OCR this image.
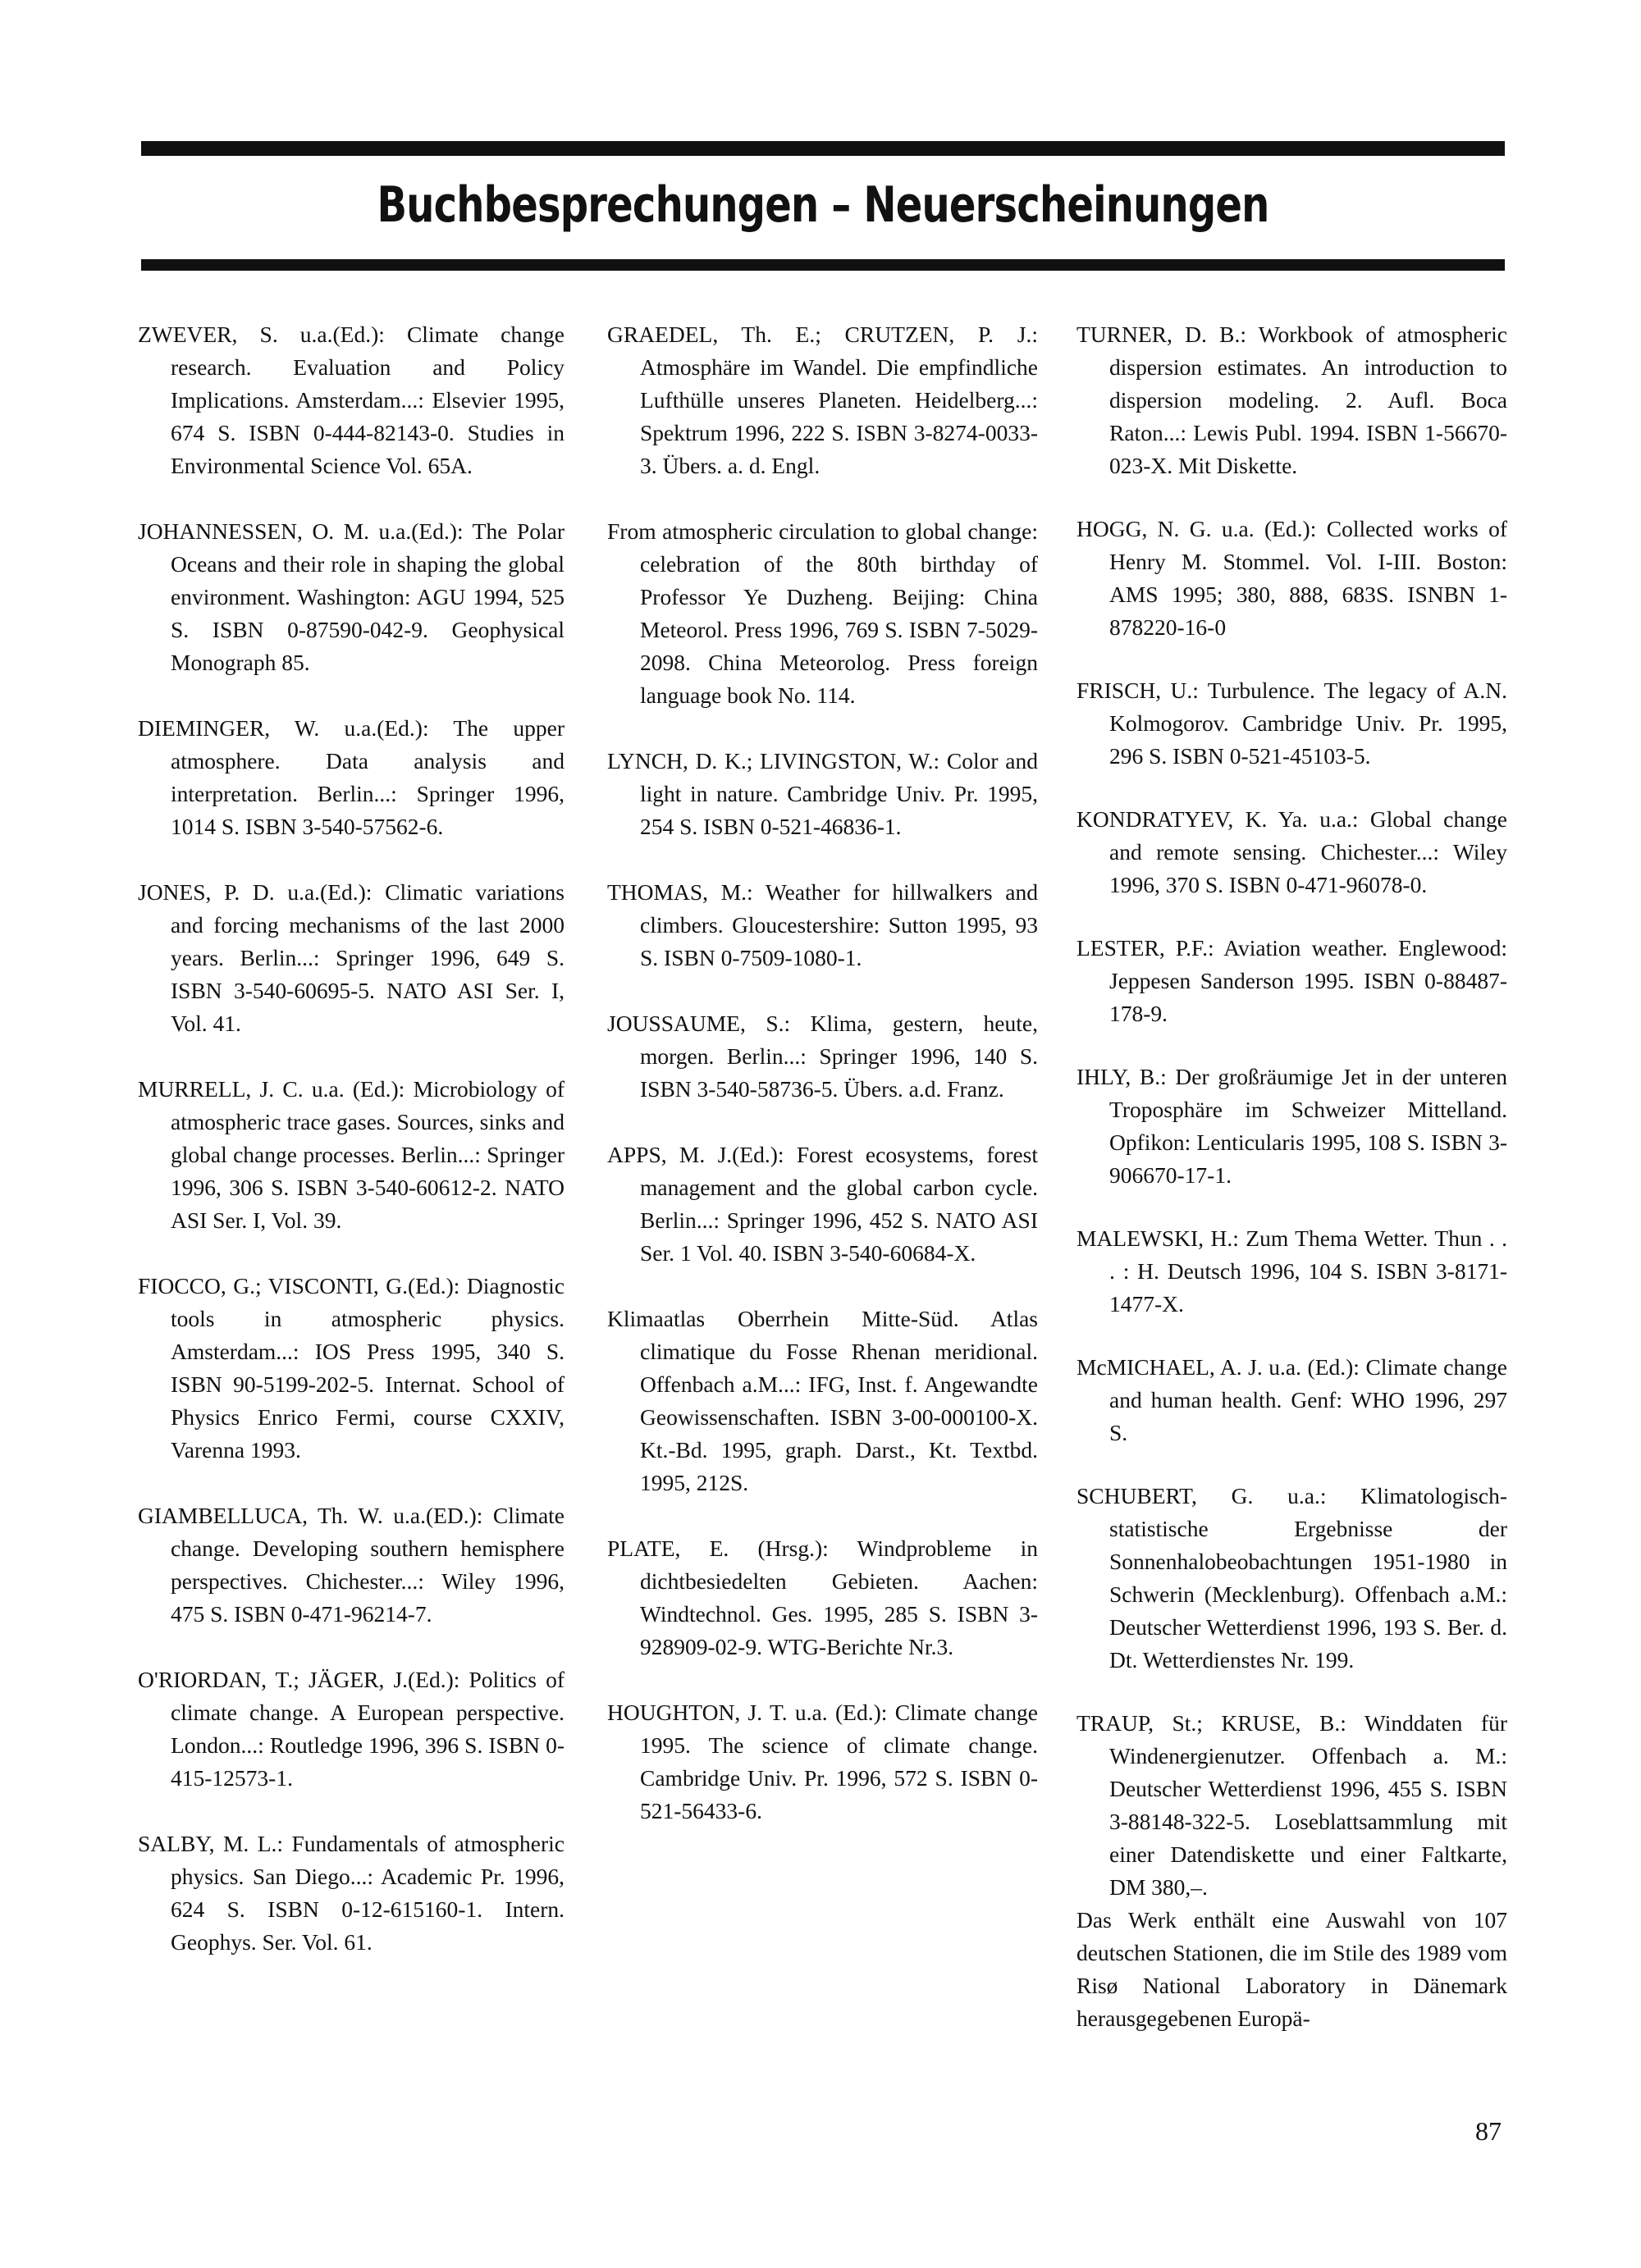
Buchbesprechungen – Neuerscheinungen

ZWEVER, S. u.a.(Ed.): Climate change research. Evaluation and Policy Implications. Amsterdam...: Elsevier 1995, 674 S. ISBN 0-444-82143-0. Studies in Environmental Science Vol. 65A.

JOHANNESSEN, O. M. u.a.(Ed.): The Polar Oceans and their role in shaping the global environment. Washington: AGU 1994, 525 S. ISBN 0-87590-042-9. Geophysical Monograph 85.

DIEMINGER, W. u.a.(Ed.): The upper atmosphere. Data analysis and interpretation. Berlin...: Springer 1996, 1014 S. ISBN 3-540-57562-6.

JONES, P. D. u.a.(Ed.): Climatic variations and forcing mechanisms of the last 2000 years. Berlin...: Springer 1996, 649 S. ISBN 3-540-60695-5. NATO ASI Ser. I, Vol. 41.

MURRELL, J. C. u.a. (Ed.): Microbiology of atmospheric trace gases. Sources, sinks and global change processes. Berlin...: Springer 1996, 306 S. ISBN 3-540-60612-2. NATO ASI Ser. I, Vol. 39.

FIOCCO, G.; VISCONTI, G.(Ed.): Diagnostic tools in atmospheric physics. Amsterdam...: IOS Press 1995, 340 S. ISBN 90-5199-202-5. Internat. School of Physics Enrico Fermi, course CXXIV, Varenna 1993.

GIAMBELLUCA, Th. W. u.a.(ED.): Climate change. Developing southern hemisphere perspectives. Chichester...: Wiley 1996, 475 S. ISBN 0-471-96214-7.

O'RIORDAN, T.; JÄGER, J.(Ed.): Politics of climate change. A European perspective. London...: Routledge 1996, 396 S. ISBN 0-415-12573-1.

SALBY, M. L.: Fundamentals of atmospheric physics. San Diego...: Academic Pr. 1996, 624 S. ISBN 0-12-615160-1. Intern. Geophys. Ser. Vol. 61.

GRAEDEL, Th. E.; CRUTZEN, P. J.: Atmosphäre im Wandel. Die empfindliche Lufthülle unseres Planeten. Heidelberg...: Spektrum 1996, 222 S. ISBN 3-8274-0033-3. Übers. a. d. Engl.

From atmospheric circulation to global change: celebration of the 80th birthday of Professor Ye Duzheng. Beijing: China Meteorol. Press 1996, 769 S. ISBN 7-5029-2098. China Meteorolog. Press foreign language book No. 114.

LYNCH, D. K.; LIVINGSTON, W.: Color and light in nature. Cambridge Univ. Pr. 1995, 254 S. ISBN 0-521-46836-1.

THOMAS, M.: Weather for hillwalkers and climbers. Gloucestershire: Sutton 1995, 93 S. ISBN 0-7509-1080-1.

JOUSSAUME, S.: Klima, gestern, heute, morgen. Berlin...: Springer 1996, 140 S. ISBN 3-540-58736-5. Übers. a.d. Franz.

APPS, M. J.(Ed.): Forest ecosystems, forest management and the global carbon cycle. Berlin...: Springer 1996, 452 S. NATO ASI Ser. 1 Vol. 40. ISBN 3-540-60684-X.

Klimaatlas Oberrhein Mitte-Süd. Atlas climatique du Fosse Rhenan meridional. Offenbach a.M...: IFG, Inst. f. Angewandte Geowissenschaften. ISBN 3-00-000100-X. Kt.-Bd. 1995, graph. Darst., Kt. Textbd. 1995, 212S.

PLATE, E. (Hrsg.): Windprobleme in dichtbesiedelten Gebieten. Aachen: Windtechnol. Ges. 1995, 285 S. ISBN 3-928909-02-9. WTG-Berichte Nr.3.

HOUGHTON, J. T. u.a. (Ed.): Climate change 1995. The science of climate change. Cambridge Univ. Pr. 1996, 572 S. ISBN 0-521-56433-6.

TURNER, D. B.: Workbook of atmospheric dispersion estimates. An introduction to dispersion modeling. 2. Aufl. Boca Raton...: Lewis Publ. 1994. ISBN 1-56670-023-X. Mit Diskette.

HOGG, N. G. u.a. (Ed.): Collected works of Henry M. Stommel. Vol. I-III. Boston: AMS 1995; 380, 888, 683S. ISNBN 1-878220-16-0

FRISCH, U.: Turbulence. The legacy of A.N. Kolmogorov. Cambridge Univ. Pr. 1995, 296 S. ISBN 0-521-45103-5.

KONDRATYEV, K. Ya. u.a.: Global change and remote sensing. Chichester...: Wiley 1996, 370 S. ISBN 0-471-96078-0.

LESTER, P.F.: Aviation weather. Englewood: Jeppesen Sanderson 1995. ISBN 0-88487-178-9.

IHLY, B.: Der großräumige Jet in der unteren Troposphäre im Schweizer Mittelland. Opfikon: Lenticularis 1995, 108 S. ISBN 3-906670-17-1.

MALEWSKI, H.: Zum Thema Wetter. Thun . . . : H. Deutsch 1996, 104 S. ISBN 3-8171-1477-X.

McMICHAEL, A. J. u.a. (Ed.): Climate change and human health. Genf: WHO 1996, 297 S.

SCHUBERT, G. u.a.: Klimatologisch-statistische Ergebnisse der Sonnenhalobeobachtungen 1951-1980 in Schwerin (Mecklenburg). Offenbach a.M.: Deutscher Wetterdienst 1996, 193 S. Ber. d. Dt. Wetterdienstes Nr. 199.

TRAUP, St.; KRUSE, B.: Winddaten für Windenergienutzer. Offenbach a. M.: Deutscher Wetterdienst 1996, 455 S. ISBN 3-88148-322-5. Loseblattsammlung mit einer Datendiskette und einer Faltkarte, DM 380,–.

Das Werk enthält eine Auswahl von 107 deutschen Stationen, die im Stile des 1989 vom Risø National Laboratory in Dänemark herausgegebenen Europä-

87
